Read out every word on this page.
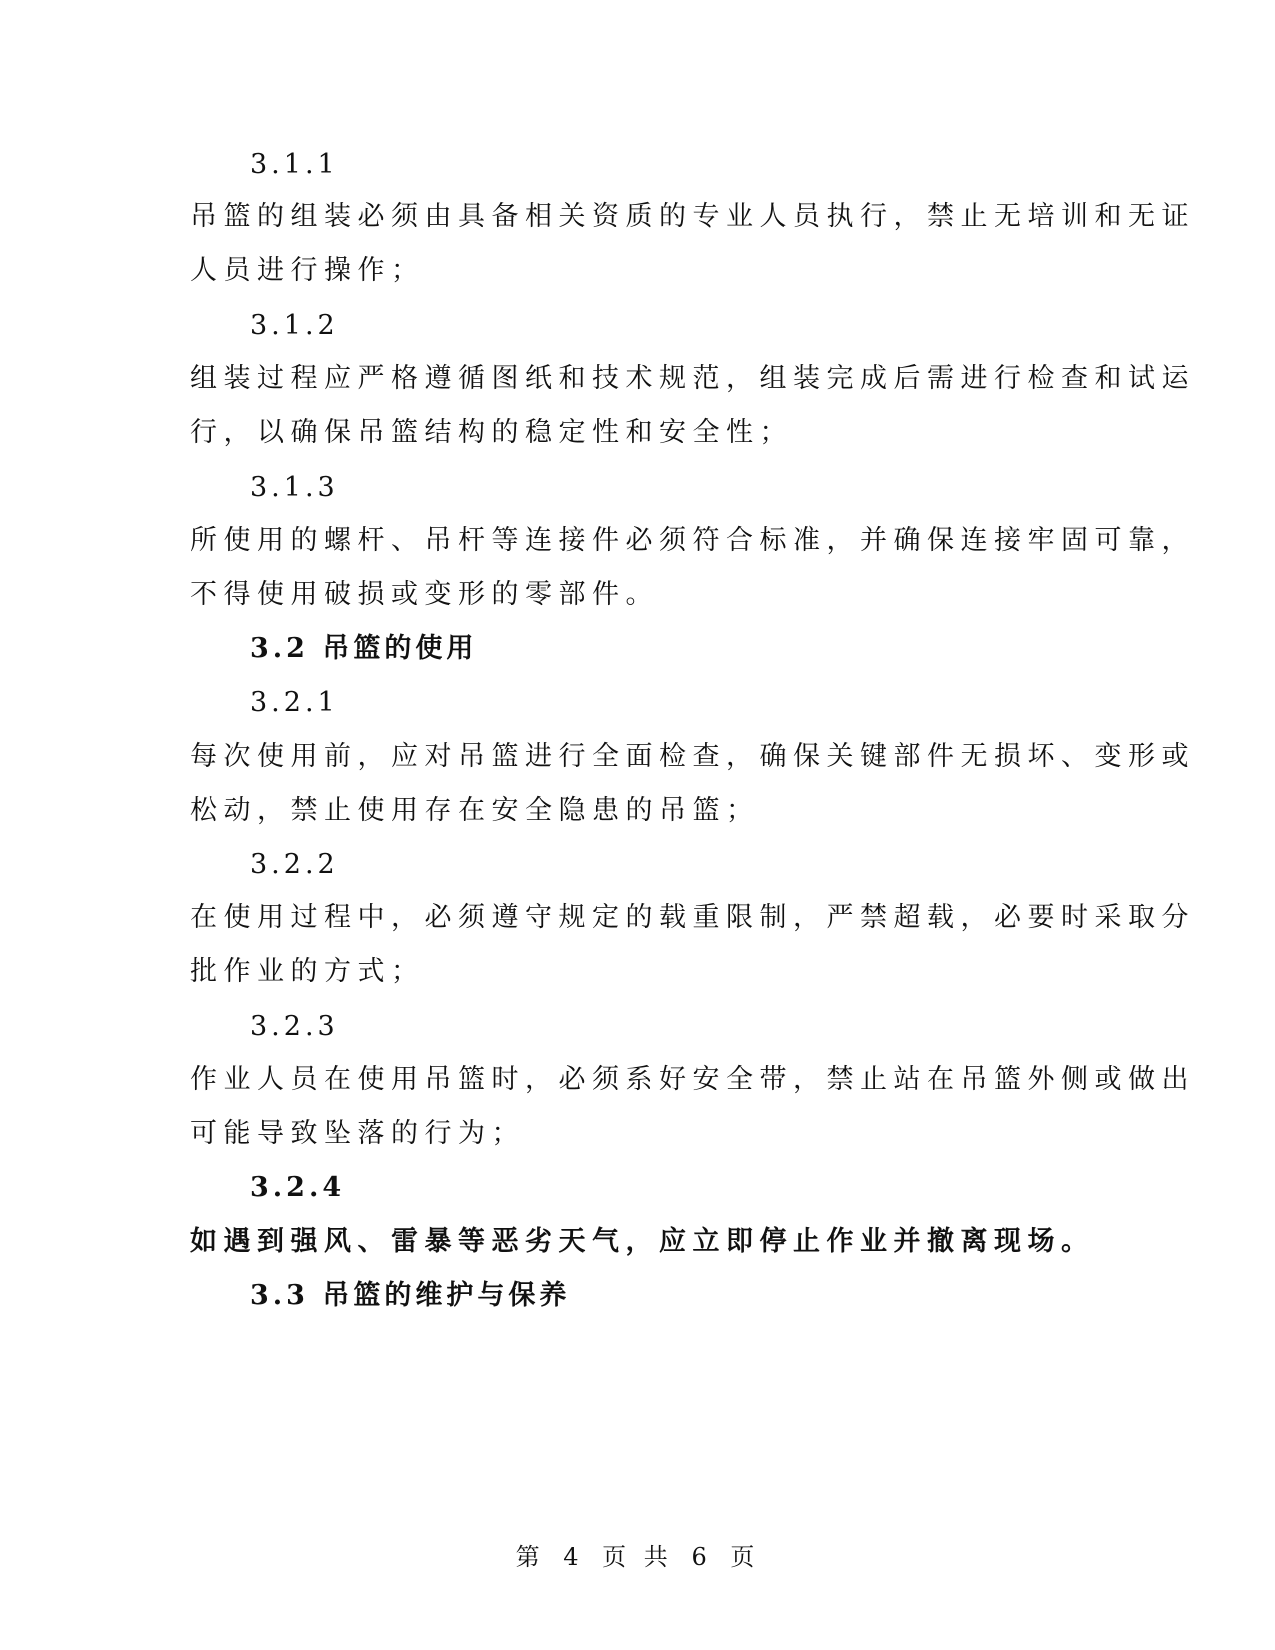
3.1.1
吊篮的组装必须由具备相关资质的专业人员执行，禁止无培训和无证
人员进行操作；
3.1.2
组装过程应严格遵循图纸和技术规范，组装完成后需进行检查和试运
行，以确保吊篮结构的稳定性和安全性；
3.1.3
所使用的螺杆、吊杆等连接件必须符合标准，并确保连接牢固可靠，
不得使用破损或变形的零部件。
3.2 吊篮的使用
3.2.1
每次使用前，应对吊篮进行全面检查，确保关键部件无损坏、变形或
松动，禁止使用存在安全隐患的吊篮；
3.2.2
在使用过程中，必须遵守规定的载重限制，严禁超载，必要时采取分
批作业的方式；
3.2.3
作业人员在使用吊篮时，必须系好安全带，禁止站在吊篮外侧或做出
可能导致坠落的行为；
3.2.4
如遇到强风、雷暴等恶劣天气，应立即停止作业并撤离现场。
3.3 吊篮的维护与保养
第 4 页 共 6 页
